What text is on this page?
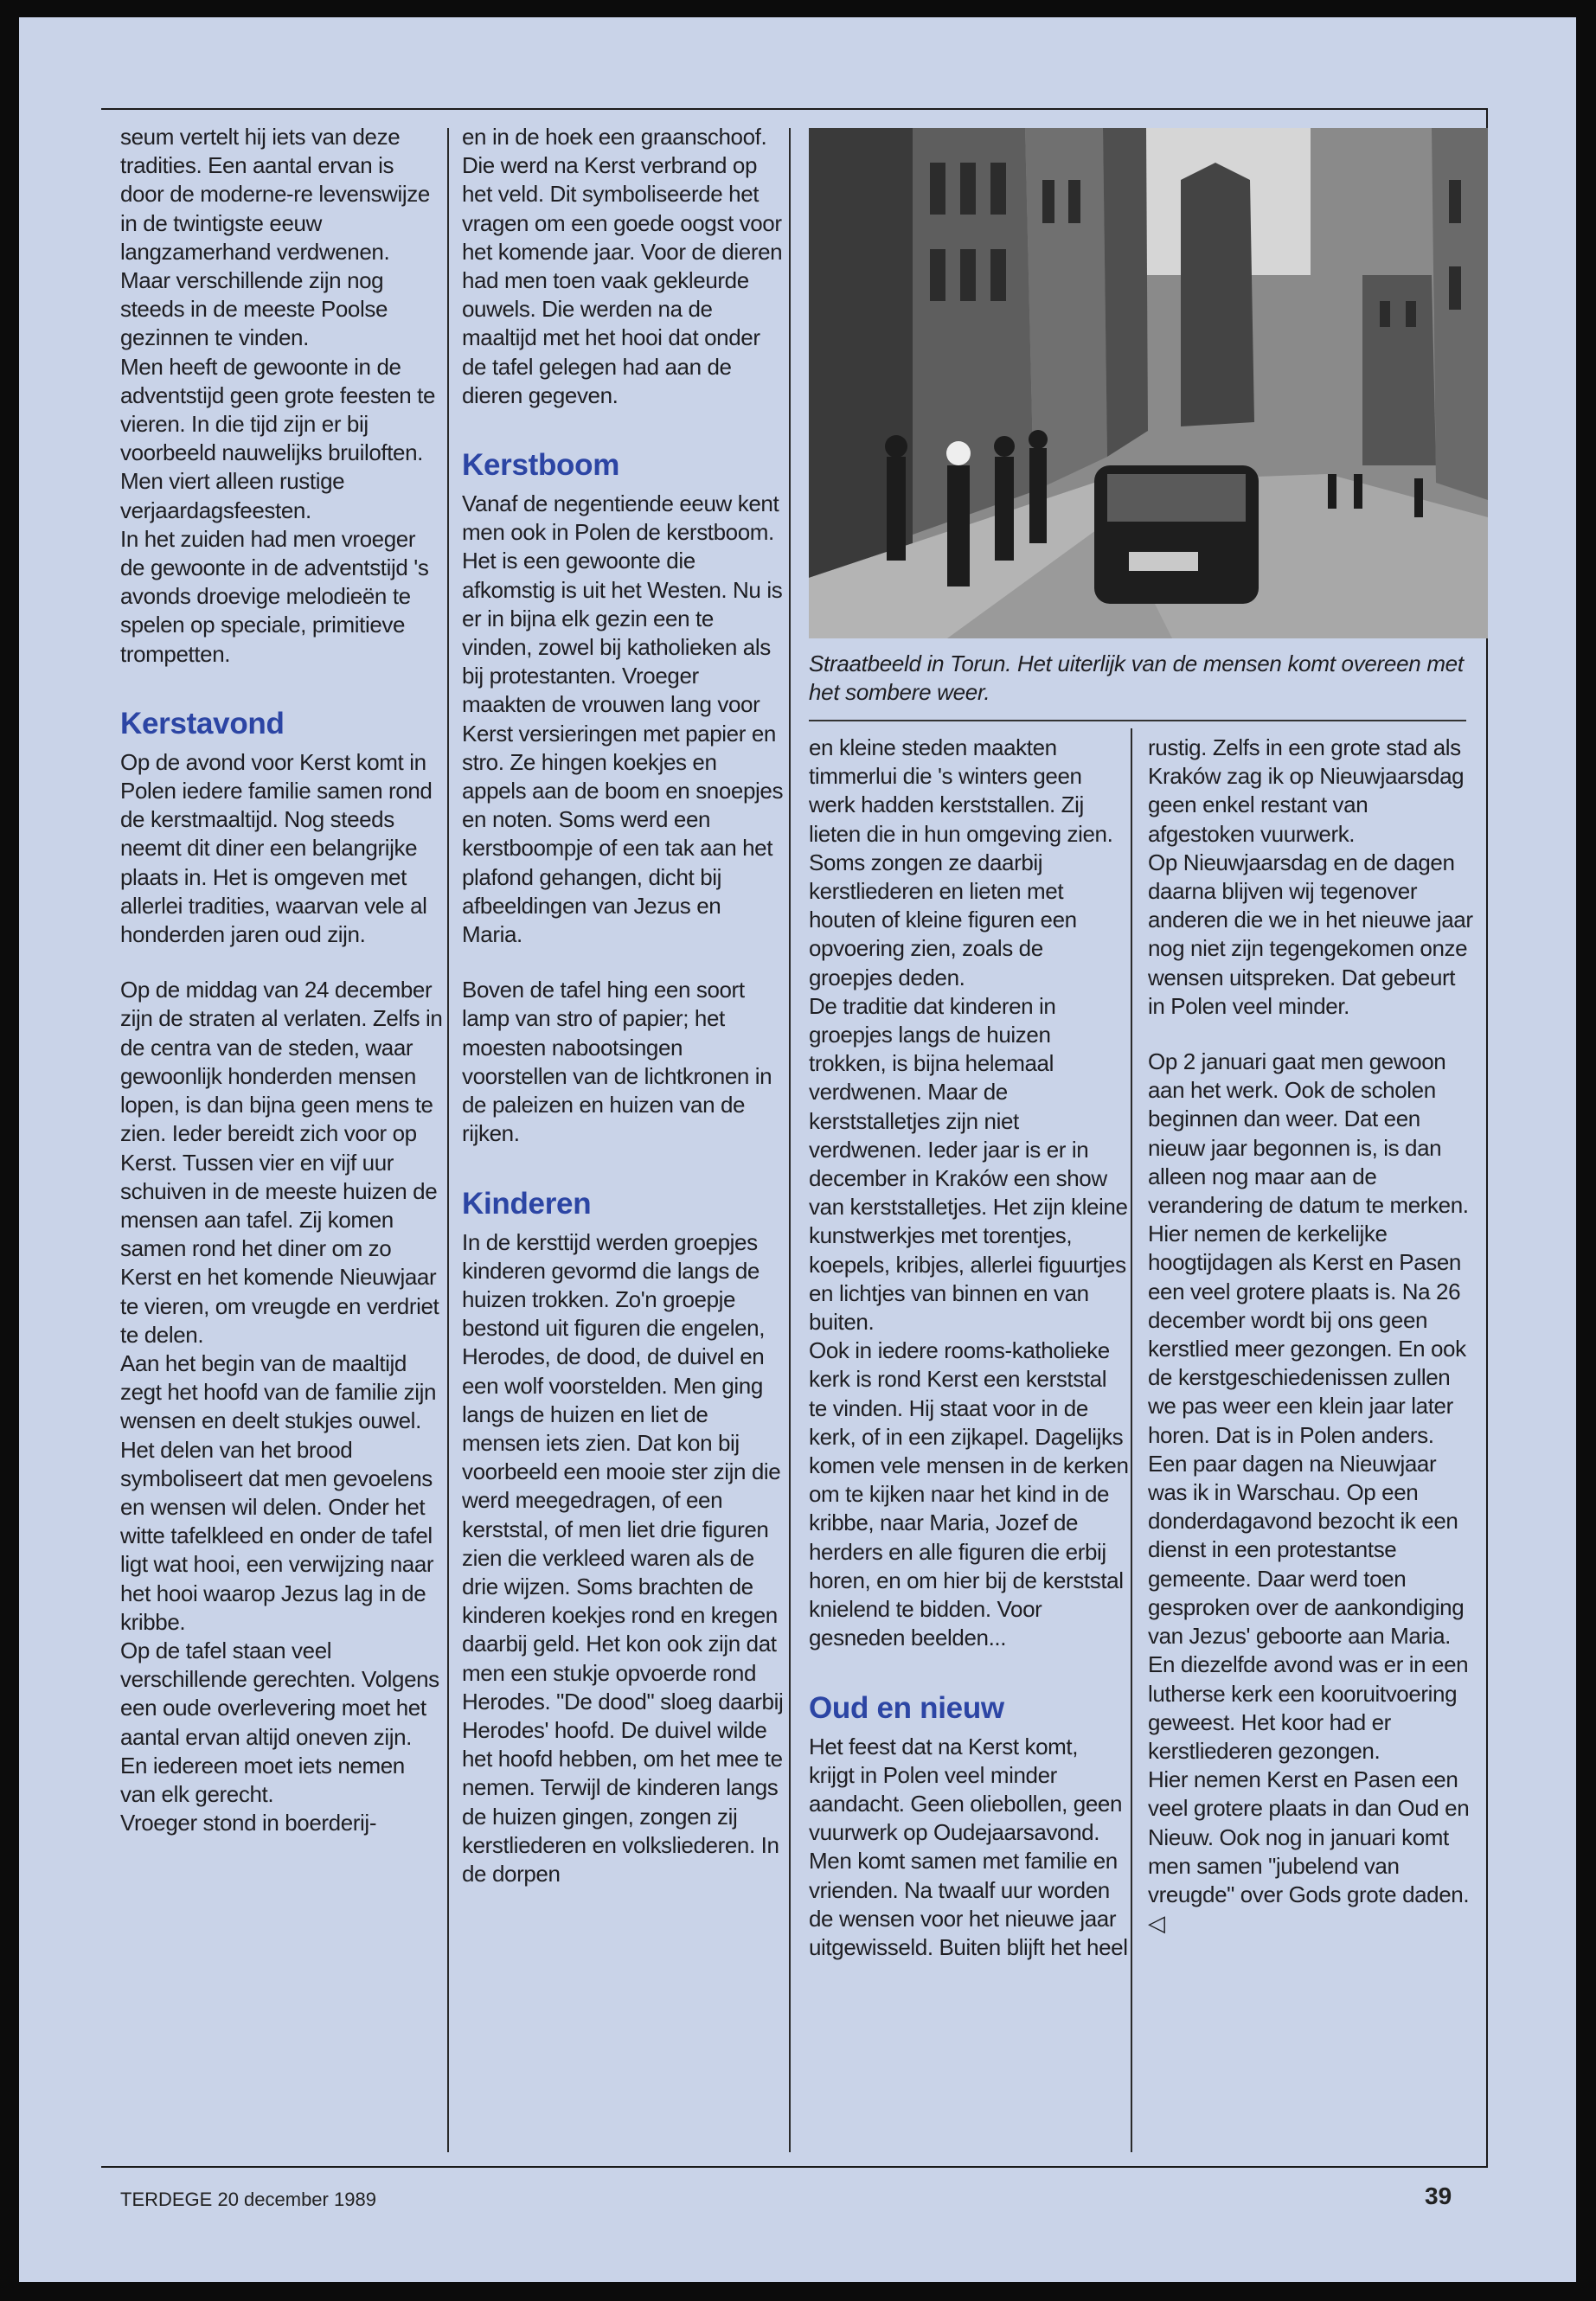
seum vertelt hij iets van deze tradities. Een aantal ervan is door de moderne-re levenswijze in de twintigste eeuw langzamerhand verdwenen. Maar verschillende zijn nog steeds in de meeste Poolse gezinnen te vinden.

Men heeft de gewoonte in de adventstijd geen grote feesten te vieren. In die tijd zijn er bij voorbeeld nauwelijks bruiloften. Men viert alleen rustige verjaardagsfeesten.

In het zuiden had men vroeger de gewoonte in de adventstijd 's avonds droevige melodieën te spelen op speciale, primitieve trompetten.

Kerstavond

Op de avond voor Kerst komt in Polen iedere familie samen rond de kerstmaaltijd. Nog steeds neemt dit diner een belangrijke plaats in. Het is omgeven met allerlei tradities, waarvan vele al honderden jaren oud zijn.

Op de middag van 24 december zijn de straten al verlaten. Zelfs in de centra van de steden, waar gewoonlijk honderden mensen lopen, is dan bijna geen mens te zien. Ieder bereidt zich voor op Kerst. Tussen vier en vijf uur schuiven in de meeste huizen de mensen aan tafel. Zij komen samen rond het diner om zo Kerst en het komende Nieuwjaar te vieren, om vreugde en verdriet te delen.

Aan het begin van de maaltijd zegt het hoofd van de familie zijn wensen en deelt stukjes ouwel. Het delen van het brood symboliseert dat men gevoelens en wensen wil delen. Onder het witte tafelkleed en onder de tafel ligt wat hooi, een verwijzing naar het hooi waarop Jezus lag in de kribbe.

Op de tafel staan veel verschillende gerechten. Volgens een oude overlevering moet het aantal ervan altijd oneven zijn. En iedereen moet iets nemen van elk gerecht.

Vroeger stond in boerderij-

en in de hoek een graanschoof. Die werd na Kerst verbrand op het veld. Dit symboliseerde het vragen om een goede oogst voor het komende jaar. Voor de dieren had men toen vaak gekleurde ouwels. Die werden na de maaltijd met het hooi dat onder de tafel gelegen had aan de dieren gegeven.

Kerstboom

Vanaf de negentiende eeuw kent men ook in Polen de kerstboom. Het is een gewoonte die afkomstig is uit het Westen. Nu is er in bijna elk gezin een te vinden, zowel bij katholieken als bij protestanten. Vroeger maakten de vrouwen lang voor Kerst versieringen met papier en stro. Ze hingen koekjes en appels aan de boom en snoepjes en noten. Soms werd een kerstboompje of een tak aan het plafond gehangen, dicht bij afbeeldingen van Jezus en Maria.

Boven de tafel hing een soort lamp van stro of papier; het moesten nabootsingen voorstellen van de lichtkronen in de paleizen en huizen van de rijken.

Kinderen

In de kersttijd werden groepjes kinderen gevormd die langs de huizen trokken. Zo'n groepje bestond uit figuren die engelen, Herodes, de dood, de duivel en een wolf voorstelden. Men ging langs de huizen en liet de mensen iets zien. Dat kon bij voorbeeld een mooie ster zijn die werd meegedragen, of een kerststal, of men liet drie figuren zien die verkleed waren als de drie wijzen. Soms brachten de kinderen koekjes rond en kregen daarbij geld. Het kon ook zijn dat men een stukje opvoerde rond Herodes. "De dood" sloeg daarbij Herodes' hoofd. De duivel wilde het hoofd hebben, om het mee te nemen. Terwijl de kinderen langs de huizen gingen, zongen zij kerstliederen en volksliederen. In de dorpen

Straatbeeld in Torun. Het uiterlijk van de mensen komt overeen met het sombere weer.

en kleine steden maakten timmerlui die 's winters geen werk hadden kerststallen. Zij lieten die in hun omgeving zien. Soms zongen ze daarbij kerstliederen en lieten met houten of kleine figuren een opvoering zien, zoals de groepjes deden.

De traditie dat kinderen in groepjes langs de huizen trokken, is bijna helemaal verdwenen. Maar de kerststalletjes zijn niet verdwenen. Ieder jaar is er in december in Kraków een show van kerststalletjes. Het zijn kleine kunstwerkjes met torentjes, koepels, kribjes, allerlei figuurtjes en lichtjes van binnen en van buiten.

Ook in iedere rooms-katholieke kerk is rond Kerst een kerststal te vinden. Hij staat voor in de kerk, of in een zijkapel. Dagelijks komen vele mensen in de kerken om te kijken naar het kind in de kribbe, naar Maria, Jozef de herders en alle figuren die erbij horen, en om hier bij de kerststal knielend te bidden. Voor gesneden beelden...

Oud en nieuw

Het feest dat na Kerst komt, krijgt in Polen veel minder aandacht. Geen oliebollen, geen vuurwerk op Oudejaarsavond. Men komt samen met familie en vrienden. Na twaalf uur worden de wensen voor het nieuwe jaar uitgewisseld. Buiten blijft het heel

rustig. Zelfs in een grote stad als Kraków zag ik op Nieuwjaarsdag geen enkel restant van afgestoken vuurwerk.

Op Nieuwjaarsdag en de dagen daarna blijven wij tegenover anderen die we in het nieuwe jaar nog niet zijn tegengekomen onze wensen uitspreken. Dat gebeurt in Polen veel minder.

Op 2 januari gaat men gewoon aan het werk. Ook de scholen beginnen dan weer. Dat een nieuw jaar begonnen is, is dan alleen nog maar aan de verandering de datum te merken. Hier nemen de kerkelijke hoogtijdagen als Kerst en Pasen een veel grotere plaats is. Na 26 december wordt bij ons geen kerstlied meer gezongen. En ook de kerstgeschiedenissen zullen we pas weer een klein jaar later horen. Dat is in Polen anders. Een paar dagen na Nieuwjaar was ik in Warschau. Op een donderdagavond bezocht ik een dienst in een protestantse gemeente. Daar werd toen gesproken over de aankondiging van Jezus' geboorte aan Maria. En diezelfde avond was er in een lutherse kerk een kooruitvoering geweest. Het koor had er kerstliederen gezongen.

Hier nemen Kerst en Pasen een veel grotere plaats in dan Oud en Nieuw. Ook nog in januari komt men samen "jubelend van vreugde" over Gods grote daden. ◁

TERDEGE 20 december 1989	39
